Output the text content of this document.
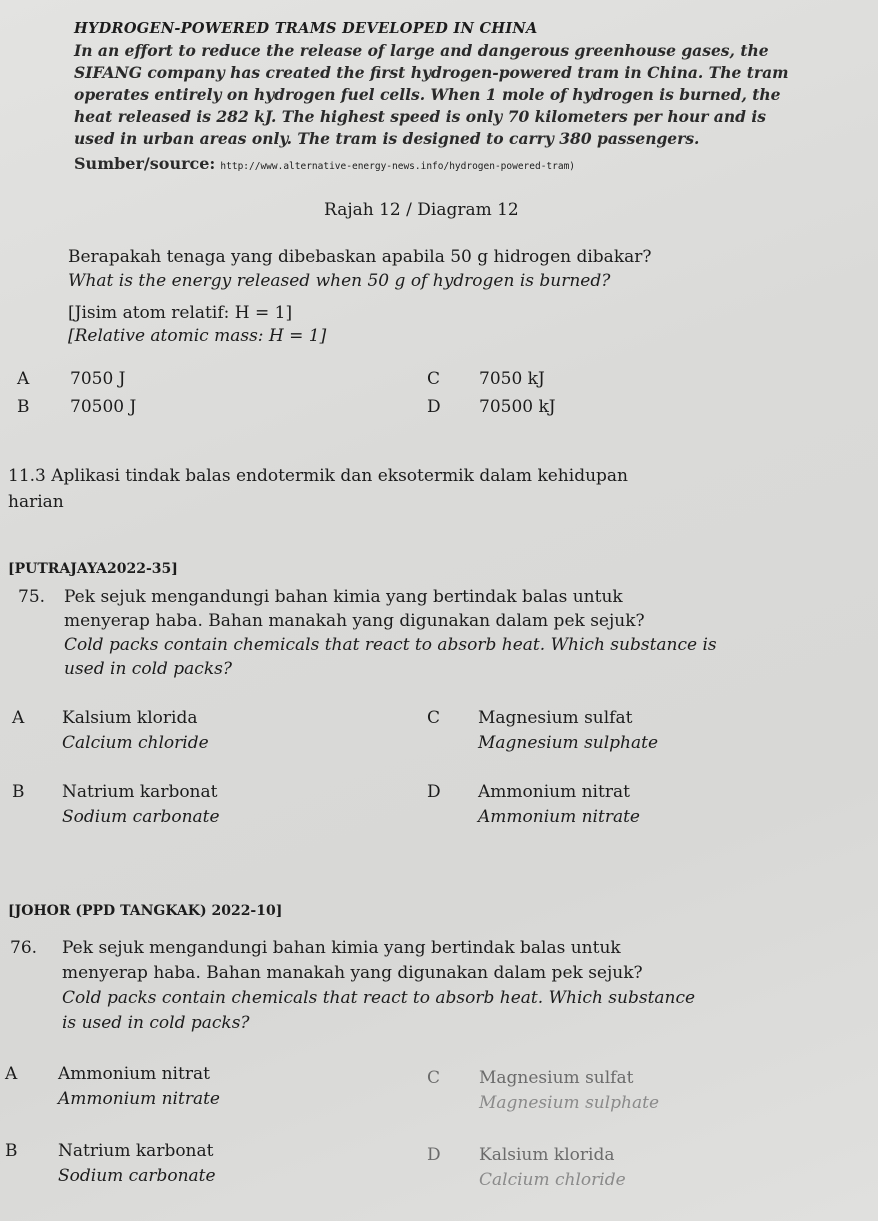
HYDROGEN-POWERED TRAMS DEVELOPED IN CHINA
In an effort to reduce the release of large and dangerous greenhouse gases, the
SIFANG company has created the first hydrogen-powered tram in China. The tram
operates entirely on hydrogen fuel cells. When 1 mole of hydrogen is burned, the
heat released is 282 kJ. The highest speed is only 70 kilometers per hour and is
used in urban areas only. The tram is designed to carry 380 passengers.
Sumber/source: http://www.alternative-energy-news.info/hydrogen-powered-tram)
Rajah 12 / Diagram 12
Berapakah tenaga yang dibebaskan apabila 50 g hidrogen dibakar?
What is the energy released when 50 g of hydrogen is burned?
[Jisim atom relatif: H = 1]
[Relative atomic mass: H = 1]
A 7050 J
B 70500 J
C 7050 kJ
D 70500 kJ
11.3 Aplikasi tindak balas endotermik dan eksotermik dalam kehidupan
harian
[PUTRAJAYA2022-35]
75. Pek sejuk mengandungi bahan kimia yang bertindak balas untuk
menyerap haba. Bahan manakah yang digunakan dalam pek sejuk?
Cold packs contain chemicals that react to absorb heat. Which substance is
used in cold packs?
A Kalsium klorida
Calcium chloride
B Natrium karbonat
Sodium carbonate
C Magnesium sulfat
Magnesium sulphate
D Ammonium nitrat
Ammonium nitrate
[JOHOR (PPD TANGKAK) 2022-10]
76. Pek sejuk mengandungi bahan kimia yang bertindak balas untuk
menyerap haba. Bahan manakah yang digunakan dalam pek sejuk?
Cold packs contain chemicals that react to absorb heat. Which substance
is used in cold packs?
A Ammonium nitrat
Ammonium nitrate
B Natrium karbonat
Sodium carbonate
C Magnesium sulfat
Magnesium sulphate
D Kalsium klorida
Calcium chloride
